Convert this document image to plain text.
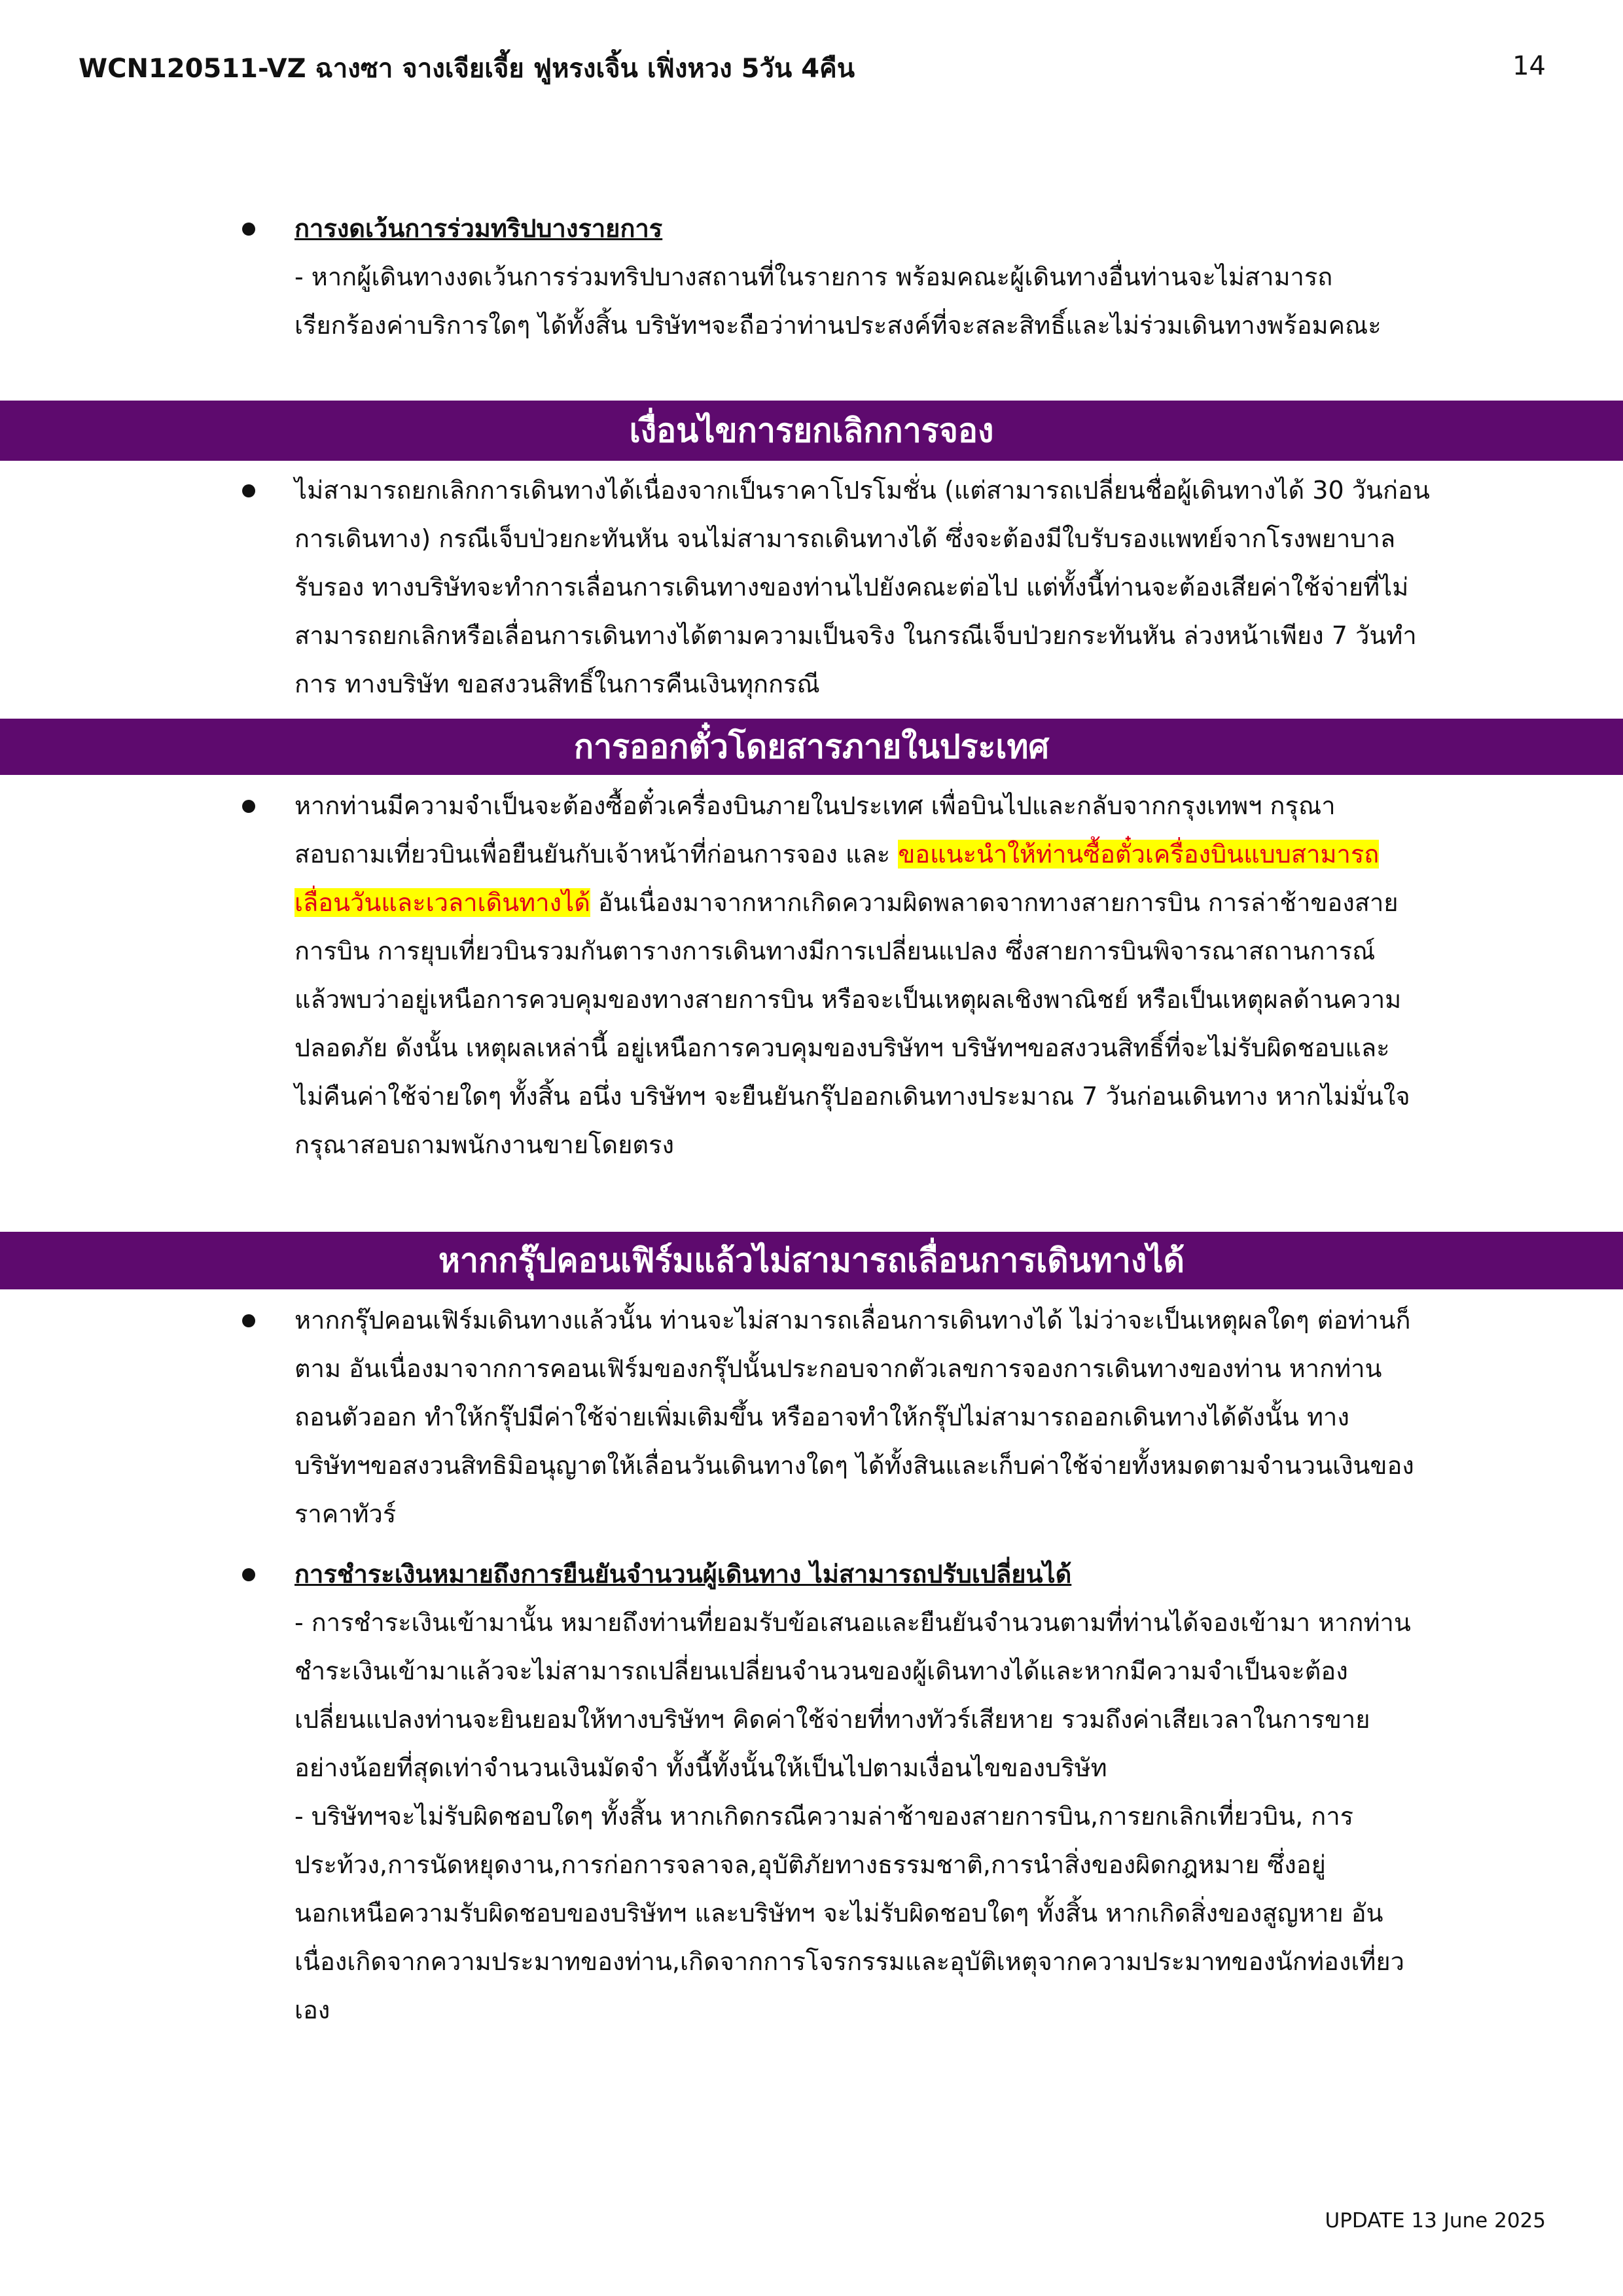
WCN120511-VZ ฉางซา จางเจียเจี้ย ฟูหรงเจิ้น เฟิ่งหวง 5วัน 4คืน	14
การงดเว้นการร่วมทริปบางรายการ
- หากผู้เดินทางงดเว้นการร่วมทริปบางสถานที่ในรายการ พร้อมคณะผู้เดินทางอื่นท่านจะไม่สามารถ
เรียกร้องค่าบริการใดๆ ได้ทั้งสิ้น บริษัทฯจะถือว่าท่านประสงค์ที่จะสละสิทธิ์และไม่ร่วมเดินทางพร้อมคณะ
เงื่อนไขการยกเลิกการจอง
ไม่สามารถยกเลิกการเดินทางได้เนื่องจากเป็นราคาโปรโมชั่น (แต่สามารถเปลี่ยนชื่อผู้เดินทางได้ 30 วันก่อน
การเดินทาง) กรณีเจ็บป่วยกะทันหัน จนไม่สามารถเดินทางได้ ซึ่งจะต้องมีใบรับรองแพทย์จากโรงพยาบาล
รับรอง ทางบริษัทจะทำการเลื่อนการเดินทางของท่านไปยังคณะต่อไป แต่ทั้งนี้ท่านจะต้องเสียค่าใช้จ่ายที่ไม่
สามารถยกเลิกหรือเลื่อนการเดินทางได้ตามความเป็นจริง ในกรณีเจ็บป่วยกระทันหัน ล่วงหน้าเพียง 7 วันทำ
การ ทางบริษัท ขอสงวนสิทธิ์ในการคืนเงินทุกกรณี
การออกตั๋วโดยสารภายในประเทศ
หากท่านมีความจำเป็นจะต้องซื้อตั๋วเครื่องบินภายในประเทศ เพื่อบินไปและกลับจากกรุงเทพฯ กรุณา
สอบถามเที่ยวบินเพื่อยืนยันกับเจ้าหน้าที่ก่อนการจอง และ ขอแนะนำให้ท่านซื้อตั๋วเครื่องบินแบบสามารถ
เลื่อนวันและเวลาเดินทางได้ อันเนื่องมาจากหากเกิดความผิดพลาดจากทางสายการบิน การล่าช้าของสาย
การบิน การยุบเที่ยวบินรวมกันตารางการเดินทางมีการเปลี่ยนแปลง ซึ่งสายการบินพิจารณาสถานการณ์
แล้วพบว่าอยู่เหนือการควบคุมของทางสายการบิน หรือจะเป็นเหตุผลเชิงพาณิชย์ หรือเป็นเหตุผลด้านความ
ปลอดภัย ดังนั้น เหตุผลเหล่านี้ อยู่เหนือการควบคุมของบริษัทฯ บริษัทฯขอสงวนสิทธิ์ที่จะไม่รับผิดชอบและ
ไม่คืนค่าใช้จ่ายใดๆ ทั้งสิ้น อนึ่ง บริษัทฯ จะยืนยันกรุ๊ปออกเดินทางประมาณ 7 วันก่อนเดินทาง หากไม่มั่นใจ
กรุณาสอบถามพนักงานขายโดยตรง
หากกรุ๊ปคอนเฟิร์มแล้วไม่สามารถเลื่อนการเดินทางได้
หากกรุ๊ปคอนเฟิร์มเดินทางแล้วนั้น ท่านจะไม่สามารถเลื่อนการเดินทางได้ ไม่ว่าจะเป็นเหตุผลใดๆ ต่อท่านก็
ตาม อันเนื่องมาจากการคอนเฟิร์มของกรุ๊ปนั้นประกอบจากตัวเลขการจองการเดินทางของท่าน หากท่าน
ถอนตัวออก ทำให้กรุ๊ปมีค่าใช้จ่ายเพิ่มเติมขึ้น หรืออาจทำให้กรุ๊ปไม่สามารถออกเดินทางได้ดังนั้น ทาง
บริษัทฯขอสงวนสิทธิมิอนุญาตให้เลื่อนวันเดินทางใดๆ ได้ทั้งสินและเก็บค่าใช้จ่ายทั้งหมดตามจำนวนเงินของ
ราคาทัวร์
การชำระเงินหมายถึงการยืนยันจำนวนผู้เดินทาง ไม่สามารถปรับเปลี่ยนได้
- การชำระเงินเข้ามานั้น หมายถึงท่านที่ยอมรับข้อเสนอและยืนยันจำนวนตามที่ท่านได้จองเข้ามา หากท่าน
ชำระเงินเข้ามาแล้วจะไม่สามารถเปลี่ยนเปลี่ยนจำนวนของผู้เดินทางได้และหากมีความจำเป็นจะต้อง
เปลี่ยนแปลงท่านจะยินยอมให้ทางบริษัทฯ คิดค่าใช้จ่ายที่ทางทัวร์เสียหาย รวมถึงค่าเสียเวลาในการขาย
อย่างน้อยที่สุดเท่าจำนวนเงินมัดจำ ทั้งนี้ทั้งนั้นให้เป็นไปตามเงื่อนไขของบริษัท
- บริษัทฯจะไม่รับผิดชอบใดๆ ทั้งสิ้น หากเกิดกรณีความล่าช้าของสายการบิน,การยกเลิกเที่ยวบิน, การ
ประท้วง,การนัดหยุดงาน,การก่อการจลาจล,อุบัติภัยทางธรรมชาติ,การนำสิ่งของผิดกฎหมาย ซึ่งอยู่
นอกเหนือความรับผิดชอบของบริษัทฯ และบริษัทฯ จะไม่รับผิดชอบใดๆ ทั้งสิ้น หากเกิดสิ่งของสูญหาย อัน
เนื่องเกิดจากความประมาทของท่าน,เกิดจากการโจรกรรมและอุบัติเหตุจากความประมาทของนักท่องเที่ยว
เอง
UPDATE 13 June 2025
